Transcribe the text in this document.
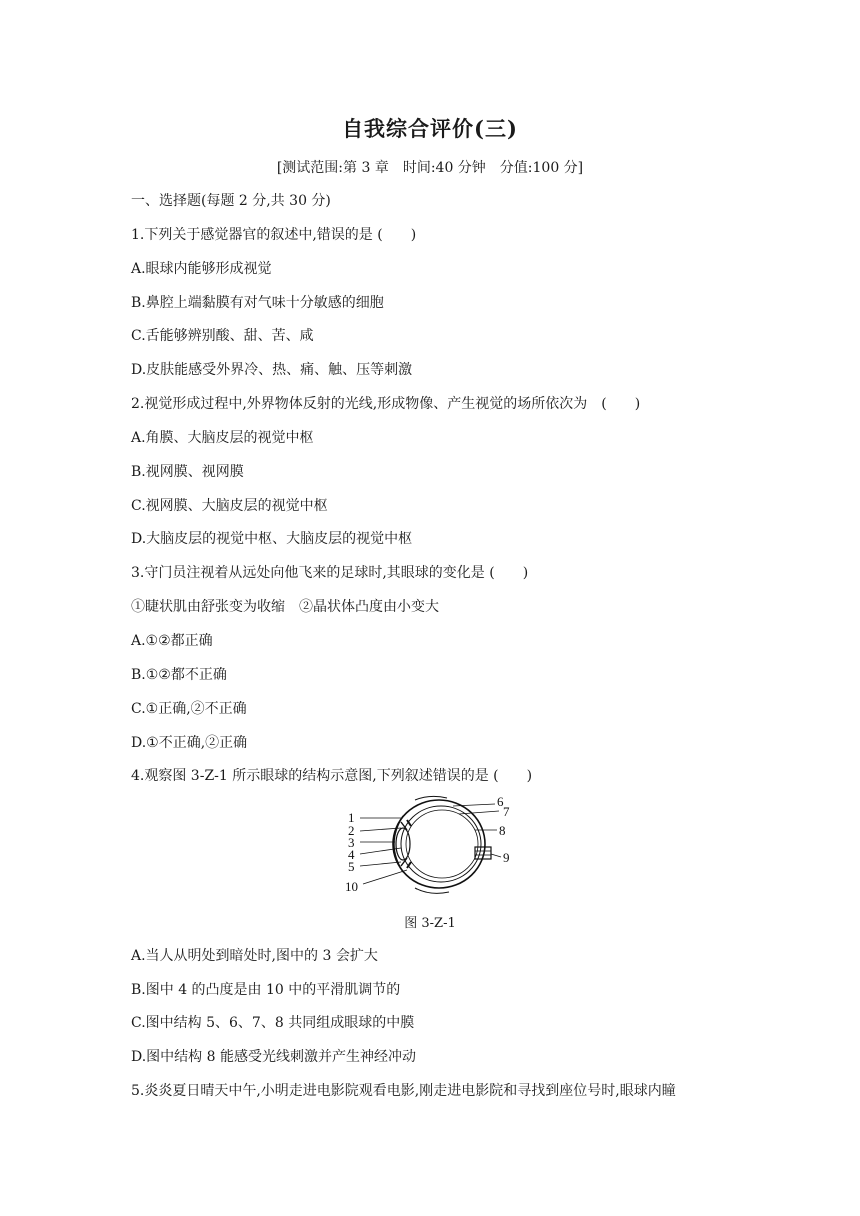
自我综合评价(三)
[测试范围:第 3 章　时间:40 分钟　分值:100 分]
一、选择题(每题 2 分,共 30 分)
1.下列关于感觉器官的叙述中,错误的是 (　　)
A.眼球内能够形成视觉
B.鼻腔上端黏膜有对气味十分敏感的细胞
C.舌能够辨别酸、甜、苦、咸
D.皮肤能感受外界冷、热、痛、触、压等刺激
2.视觉形成过程中,外界物体反射的光线,形成物像、产生视觉的场所依次为　(　　)
A.角膜、大脑皮层的视觉中枢
B.视网膜、视网膜
C.视网膜、大脑皮层的视觉中枢
D.大脑皮层的视觉中枢、大脑皮层的视觉中枢
3.守门员注视着从远处向他飞来的足球时,其眼球的变化是 (　　)
①睫状肌由舒张变为收缩　②晶状体凸度由小变大
A.①②都正确
B.①②都不正确
C.①正确,②不正确
D.①不正确,②正确
4.观察图 3-Z-1 所示眼球的结构示意图,下列叙述错误的是 (　　)
1
2
3
4
5
6
7
8
9
10
图 3-Z-1
A.当人从明处到暗处时,图中的 3 会扩大
B.图中 4 的凸度是由 10 中的平滑肌调节的
C.图中结构 5、6、7、8 共同组成眼球的中膜
D.图中结构 8 能感受光线刺激并产生神经冲动
5.炎炎夏日晴天中午,小明走进电影院观看电影,刚走进电影院和寻找到座位号时,眼球内瞳
